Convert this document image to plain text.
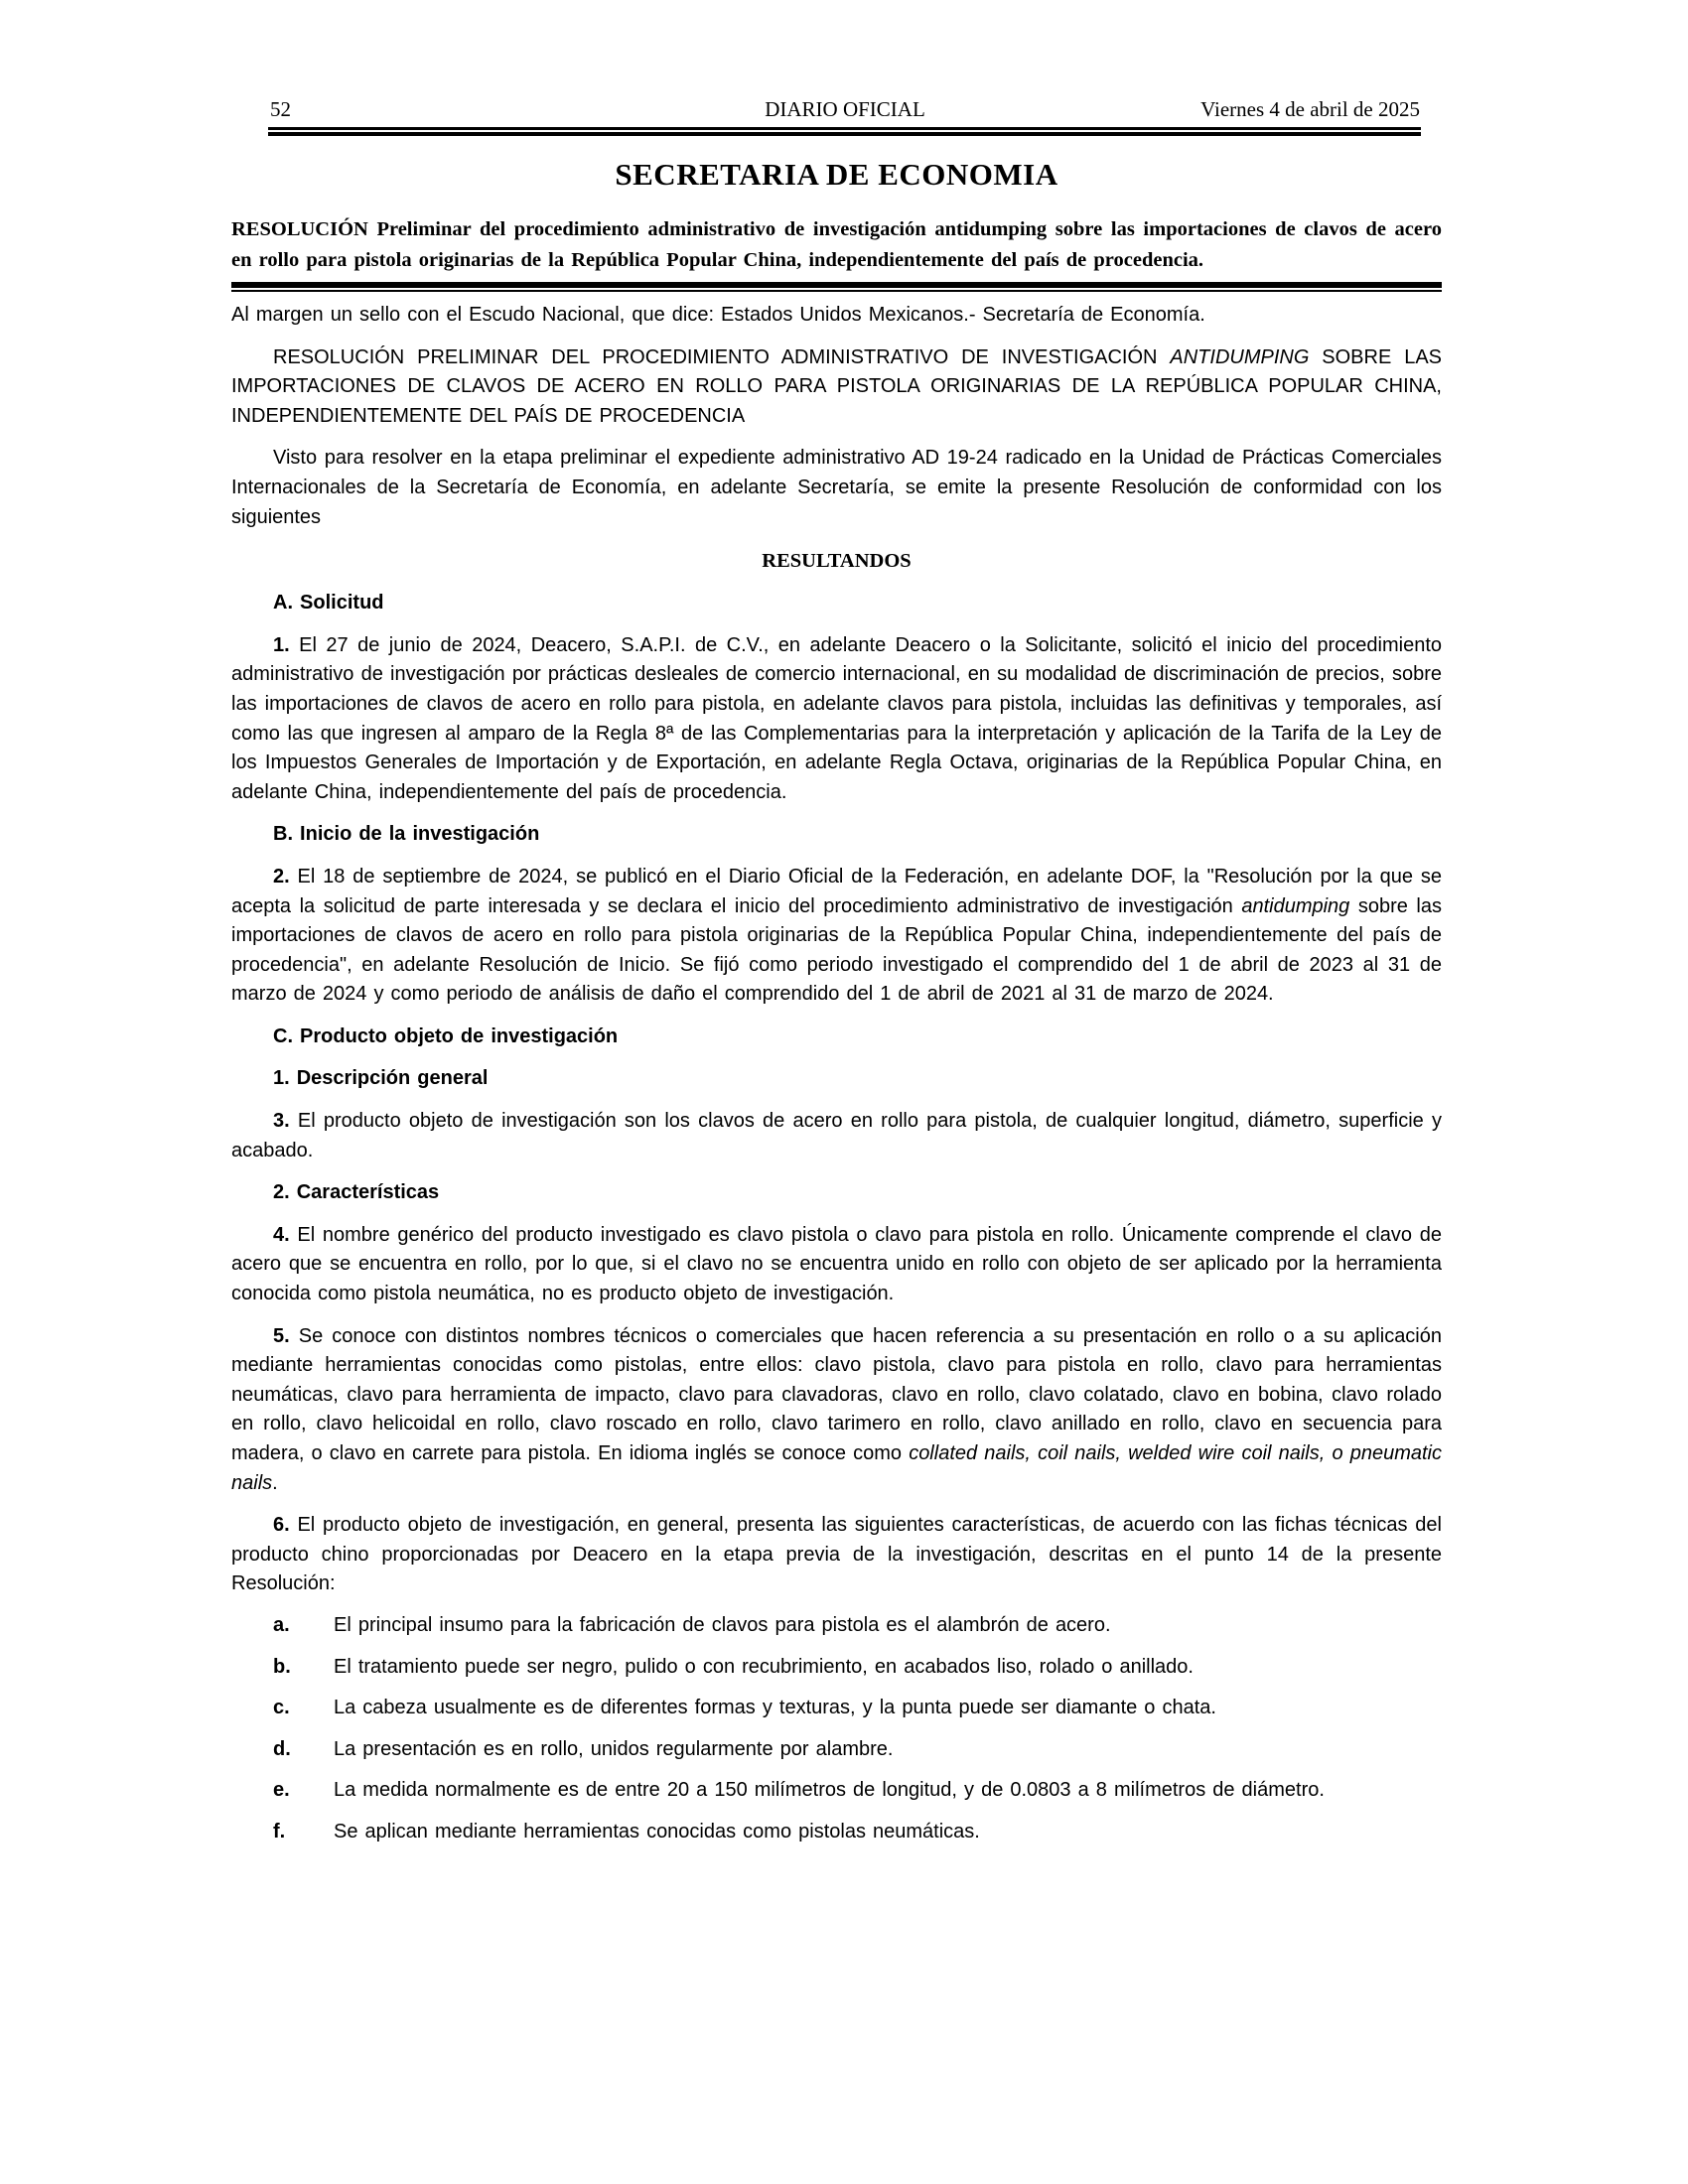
52	DIARIO OFICIAL	Viernes 4 de abril de 2025
SECRETARIA DE ECONOMIA

RESOLUCIÓN Preliminar del procedimiento administrativo de investigación antidumping sobre las importaciones de clavos de acero en rollo para pistola originarias de la República Popular China, independientemente del país de procedencia.

Al margen un sello con el Escudo Nacional, que dice: Estados Unidos Mexicanos.- Secretaría de Economía.

RESOLUCIÓN PRELIMINAR DEL PROCEDIMIENTO ADMINISTRATIVO DE INVESTIGACIÓN ANTIDUMPING SOBRE LAS IMPORTACIONES DE CLAVOS DE ACERO EN ROLLO PARA PISTOLA ORIGINARIAS DE LA REPÚBLICA POPULAR CHINA, INDEPENDIENTEMENTE DEL PAÍS DE PROCEDENCIA

Visto para resolver en la etapa preliminar el expediente administrativo AD 19-24 radicado en la Unidad de Prácticas Comerciales Internacionales de la Secretaría de Economía, en adelante Secretaría, se emite la presente Resolución de conformidad con los siguientes

RESULTANDOS
A. Solicitud

1. El 27 de junio de 2024, Deacero, S.A.P.I. de C.V., en adelante Deacero o la Solicitante, solicitó el inicio del procedimiento administrativo de investigación por prácticas desleales de comercio internacional, en su modalidad de discriminación de precios, sobre las importaciones de clavos de acero en rollo para pistola, en adelante clavos para pistola, incluidas las definitivas y temporales, así como las que ingresen al amparo de la Regla 8ª de las Complementarias para la interpretación y aplicación de la Tarifa de la Ley de los Impuestos Generales de Importación y de Exportación, en adelante Regla Octava, originarias de la República Popular China, en adelante China, independientemente del país de procedencia.

B. Inicio de la investigación

2. El 18 de septiembre de 2024, se publicó en el Diario Oficial de la Federación, en adelante DOF, la "Resolución por la que se acepta la solicitud de parte interesada y se declara el inicio del procedimiento administrativo de investigación antidumping sobre las importaciones de clavos de acero en rollo para pistola originarias de la República Popular China, independientemente del país de procedencia", en adelante Resolución de Inicio. Se fijó como periodo investigado el comprendido del 1 de abril de 2023 al 31 de marzo de 2024 y como periodo de análisis de daño el comprendido del 1 de abril de 2021 al 31 de marzo de 2024.

C. Producto objeto de investigación
1. Descripción general

3. El producto objeto de investigación son los clavos de acero en rollo para pistola, de cualquier longitud, diámetro, superficie y acabado.

2. Características

4. El nombre genérico del producto investigado es clavo pistola o clavo para pistola en rollo. Únicamente comprende el clavo de acero que se encuentra en rollo, por lo que, si el clavo no se encuentra unido en rollo con objeto de ser aplicado por la herramienta conocida como pistola neumática, no es producto objeto de investigación.

5. Se conoce con distintos nombres técnicos o comerciales que hacen referencia a su presentación en rollo o a su aplicación mediante herramientas conocidas como pistolas, entre ellos: clavo pistola, clavo para pistola en rollo, clavo para herramientas neumáticas, clavo para herramienta de impacto, clavo para clavadoras, clavo en rollo, clavo colatado, clavo en bobina, clavo rolado en rollo, clavo helicoidal en rollo, clavo roscado en rollo, clavo tarimero en rollo, clavo anillado en rollo, clavo en secuencia para madera, o clavo en carrete para pistola. En idioma inglés se conoce como collated nails, coil nails, welded wire coil nails, o pneumatic nails.

6. El producto objeto de investigación, en general, presenta las siguientes características, de acuerdo con las fichas técnicas del producto chino proporcionadas por Deacero en la etapa previa de la investigación, descritas en el punto 14 de la presente Resolución:

a. El principal insumo para la fabricación de clavos para pistola es el alambrón de acero.

b. El tratamiento puede ser negro, pulido o con recubrimiento, en acabados liso, rolado o anillado.

c. La cabeza usualmente es de diferentes formas y texturas, y la punta puede ser diamante o chata.

d. La presentación es en rollo, unidos regularmente por alambre.

e. La medida normalmente es de entre 20 a 150 milímetros de longitud, y de 0.0803 a 8 milímetros de diámetro.

f. Se aplican mediante herramientas conocidas como pistolas neumáticas.
